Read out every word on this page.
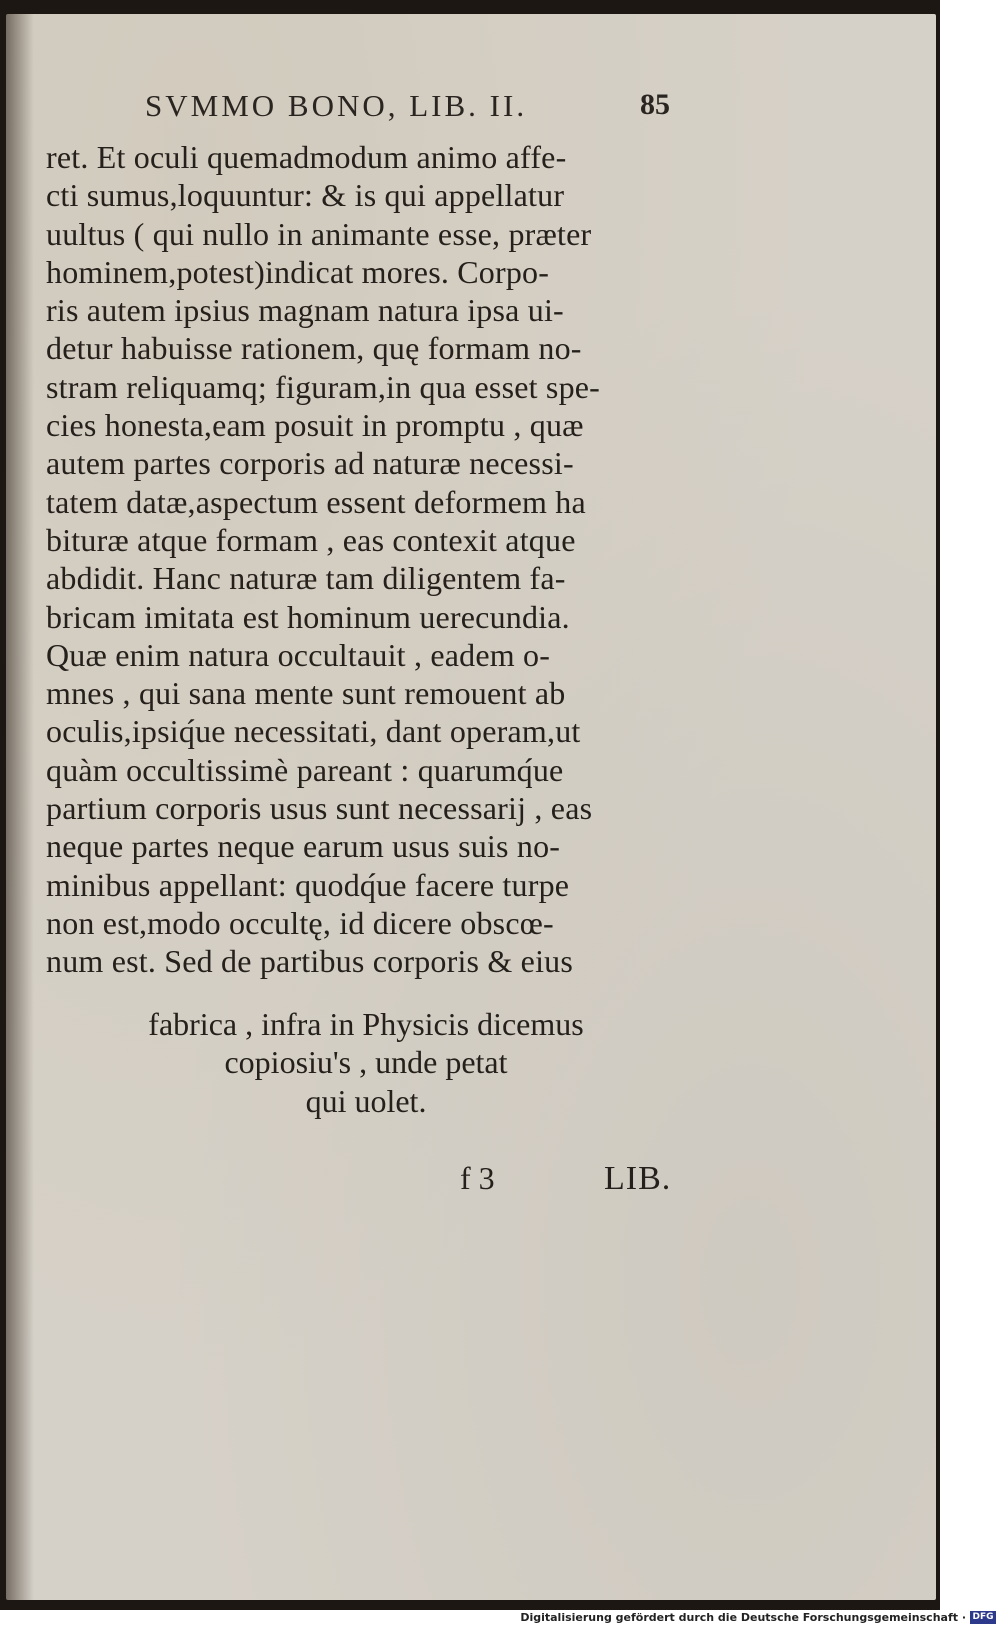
SVMMO BONO, LIB. II.	85
ret. Et oculi quemadmodum animo affe-
cti sumus,loquuntur: & is qui appellatur
uultus ( qui nullo in animante esse, præter
hominem,potest)indicat mores. Corpo-
ris autem ipsius magnam natura ipsa ui-
detur habuisse rationem, quę formam no-
stram reliquamq; figuram,in qua esset spe-
cies honesta,eam posuit in promptu , quæ
autem partes corporis ad naturæ necessi-
tatem datæ,aspectum essent deformem ha
bituræ atque formam , eas contexit atque
abdidit. Hanc naturæ tam diligentem fa-
bricam imitata est hominum uerecundia.
Quæ enim natura occultauit , eadem o-
mnes , qui sana mente sunt remouent ab
oculis,ipsiq́ue necessitati, dant operam,ut
quàm occultissimè pareant : quarumq́ue
partium corporis usus sunt necessarij , eas
neque partes neque earum usus suis no-
minibus appellant: quodq́ue facere turpe
non est,modo occultę, id dicere obscœ-
num est. Sed de partibus corporis & eius
fabrica , infra in Physicis dicemus
copiosiu's , unde petat
qui uolet.
f 3	LIB.
Digitalisierung gefördert durch die Deutsche Forschungsgemeinschaft · DFG
